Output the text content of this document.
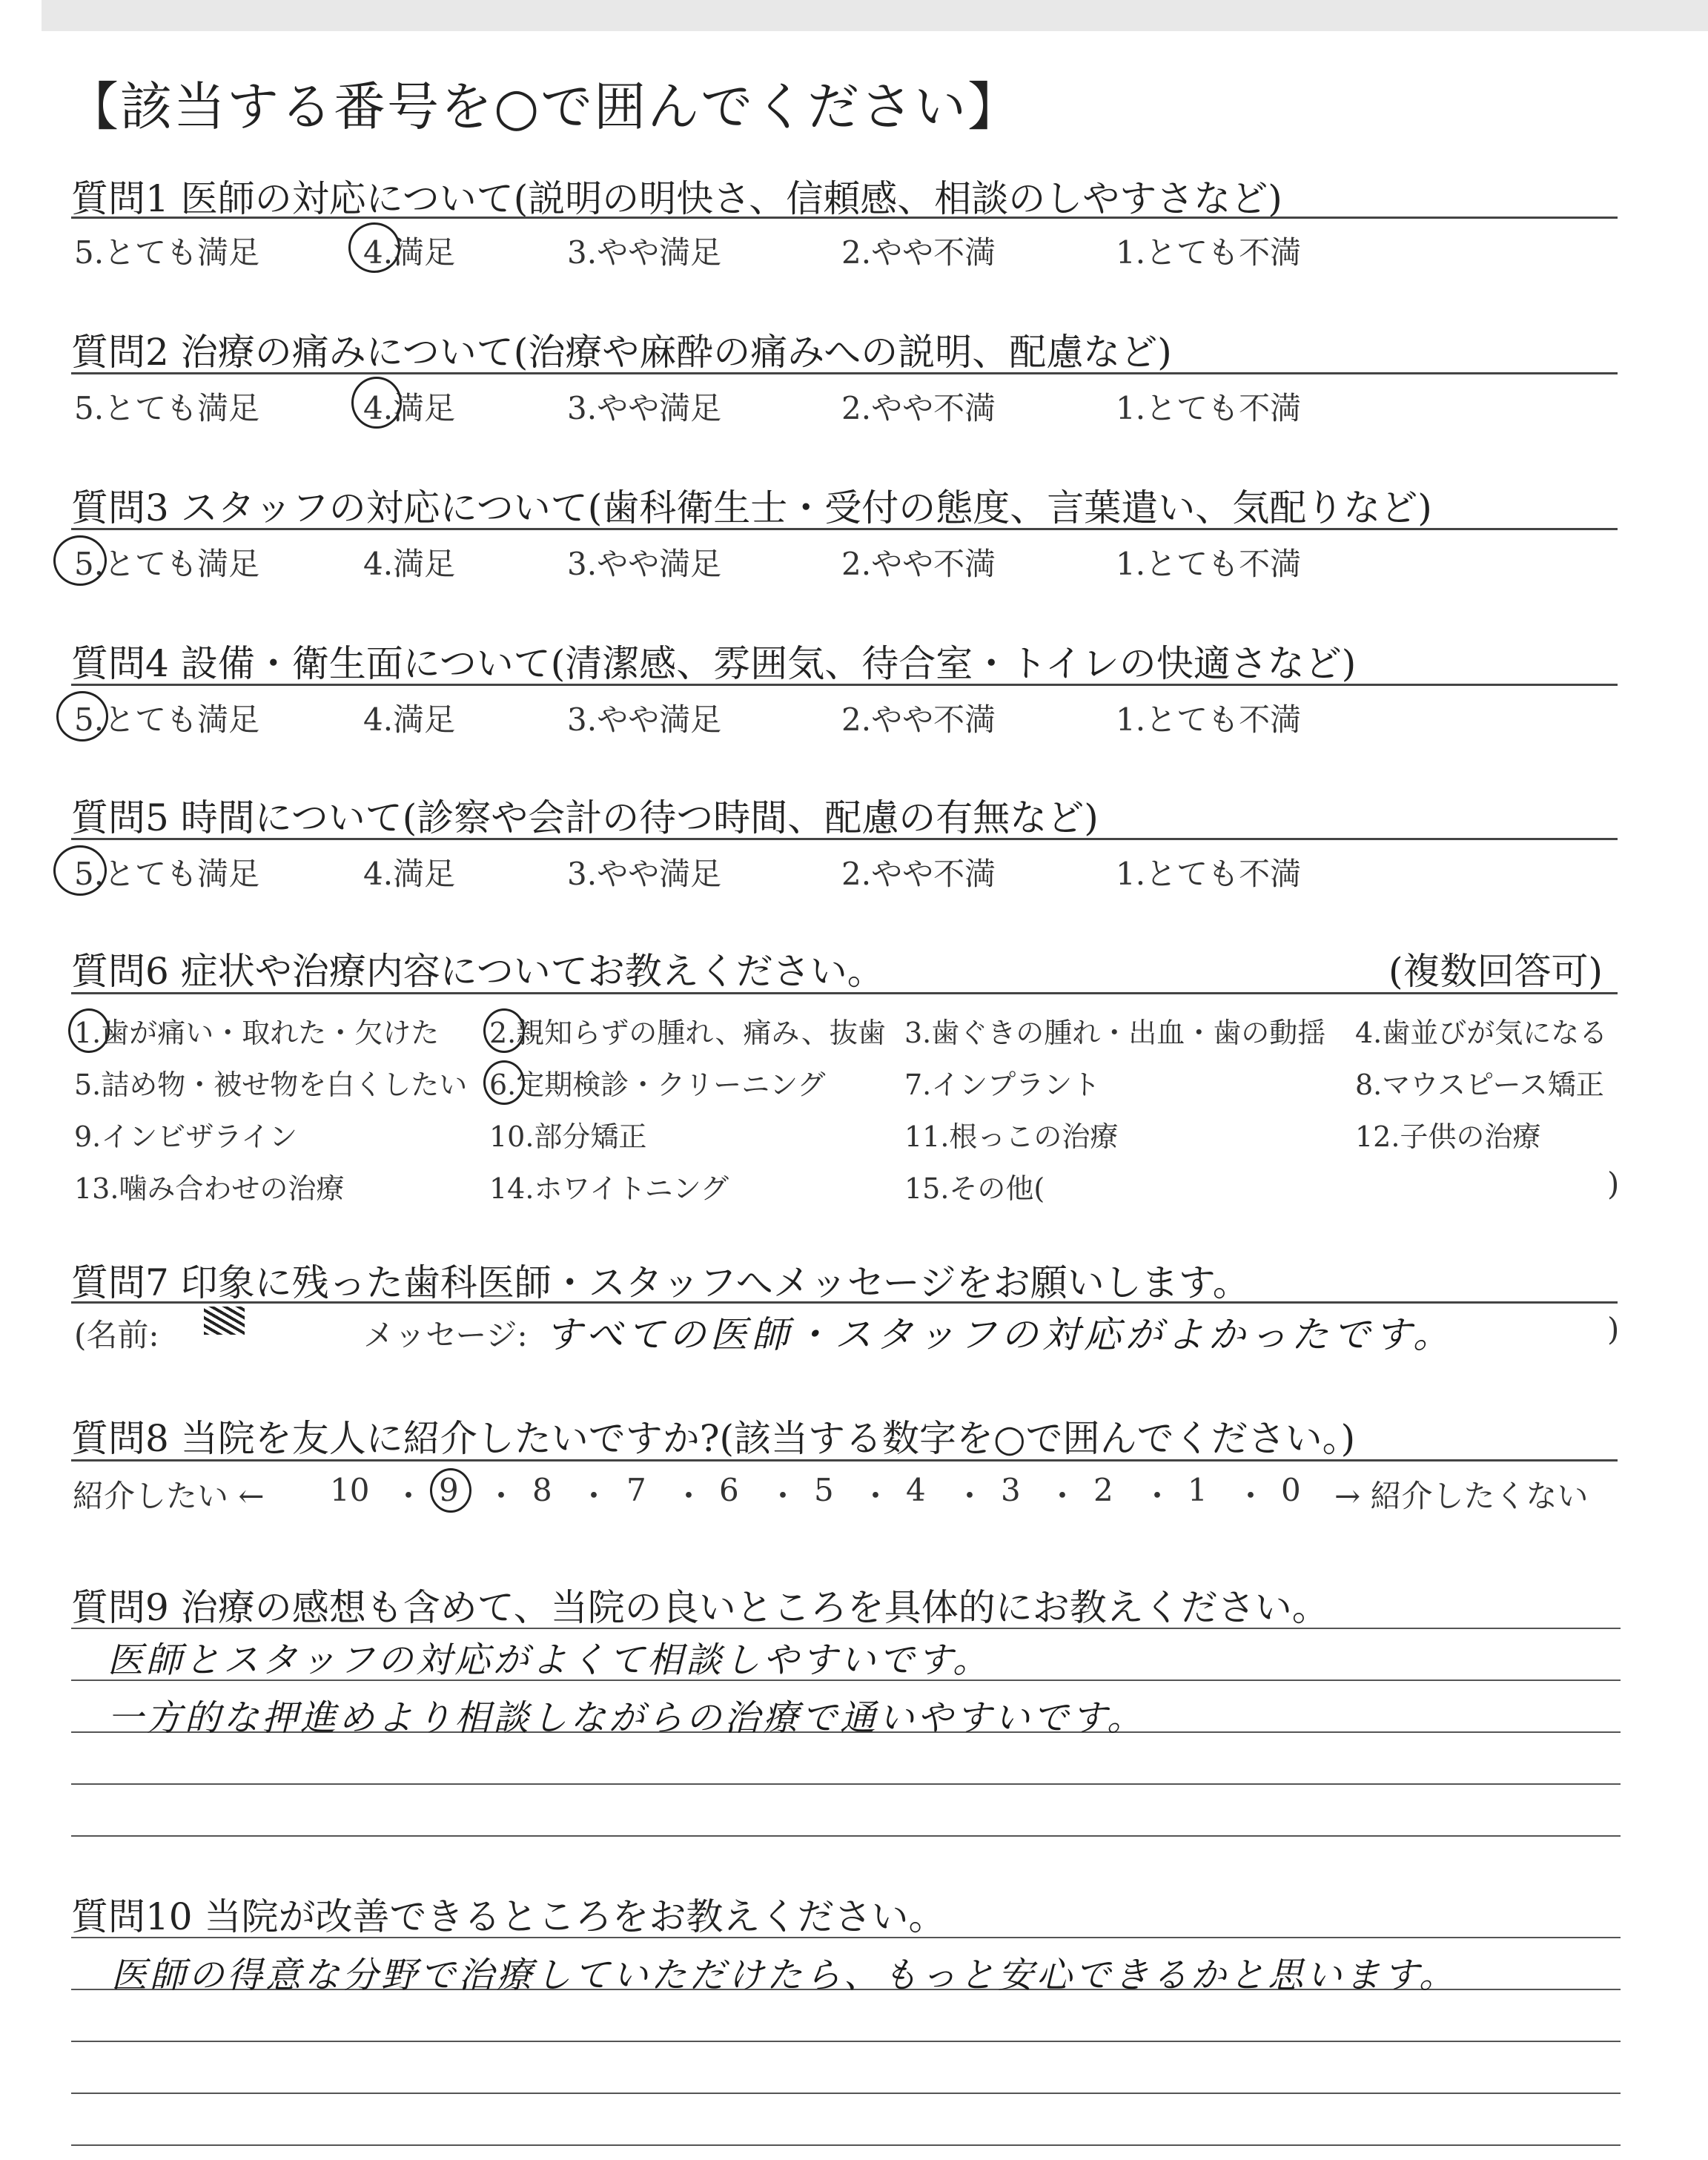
【該当する番号を○で囲んでください】
質問1 医師の対応について(説明の明快さ、信頼感、相談のしやすさなど)
5.とても満足	4.満足	3.やや満足	2.やや不満	1.とても不満
質問2 治療の痛みについて(治療や麻酔の痛みへの説明、配慮など)
5.とても満足	4.満足	3.やや満足	2.やや不満	1.とても不満
質問3 スタッフの対応について(歯科衛生士・受付の態度、言葉遣い、気配りなど)
5.とても満足	4.満足	3.やや満足	2.やや不満	1.とても不満
質問4 設備・衛生面について(清潔感、雰囲気、待合室・トイレの快適さなど)
5.とても満足	4.満足	3.やや満足	2.やや不満	1.とても不満
質問5 時間について(診察や会計の待つ時間、配慮の有無など)
5.とても満足	4.満足	3.やや満足	2.やや不満	1.とても不満
質問6 症状や治療内容についてお教えください。	(複数回答可)
1.歯が痛い・取れた・欠けた 2.親知らずの腫れ、痛み、抜歯 3.歯ぐきの腫れ・出血・歯の動揺 4.歯並びが気になる
5.詰め物・被せ物を白くしたい 6.定期検診・クリーニング	7.インプラント	8.マウスピース矯正
9.インビザライン	10.部分矯正	11.根っこの治療	12.子供の治療
13.噛み合わせの治療	14.ホワイトニング	15.その他(	)
質問7 印象に残った歯科医師・スタッフへメッセージをお願いします。
(名前:	メッセージ: すべての医師・スタッフの対応がよかったです。	)
質問8 当院を友人に紹介したいですか?(該当する数字を○で囲んでください。)
紹介したい ← 10 ・ 9 ・ 8 ・ 7 ・ 6 ・ 5 ・ 4 ・ 3 ・ 2 ・ 1 ・ 0 → 紹介したくない
質問9 治療の感想も含めて、当院の良いところを具体的にお教えください。
医師とスタッフの対応がよくて相談しやすいです。
一方的な押進めより相談しながらの治療で通いやすいです。
質問10 当院が改善できるところをお教えください。
医師の得意な分野で治療していただけたら、もっと安心できるかと思います。
